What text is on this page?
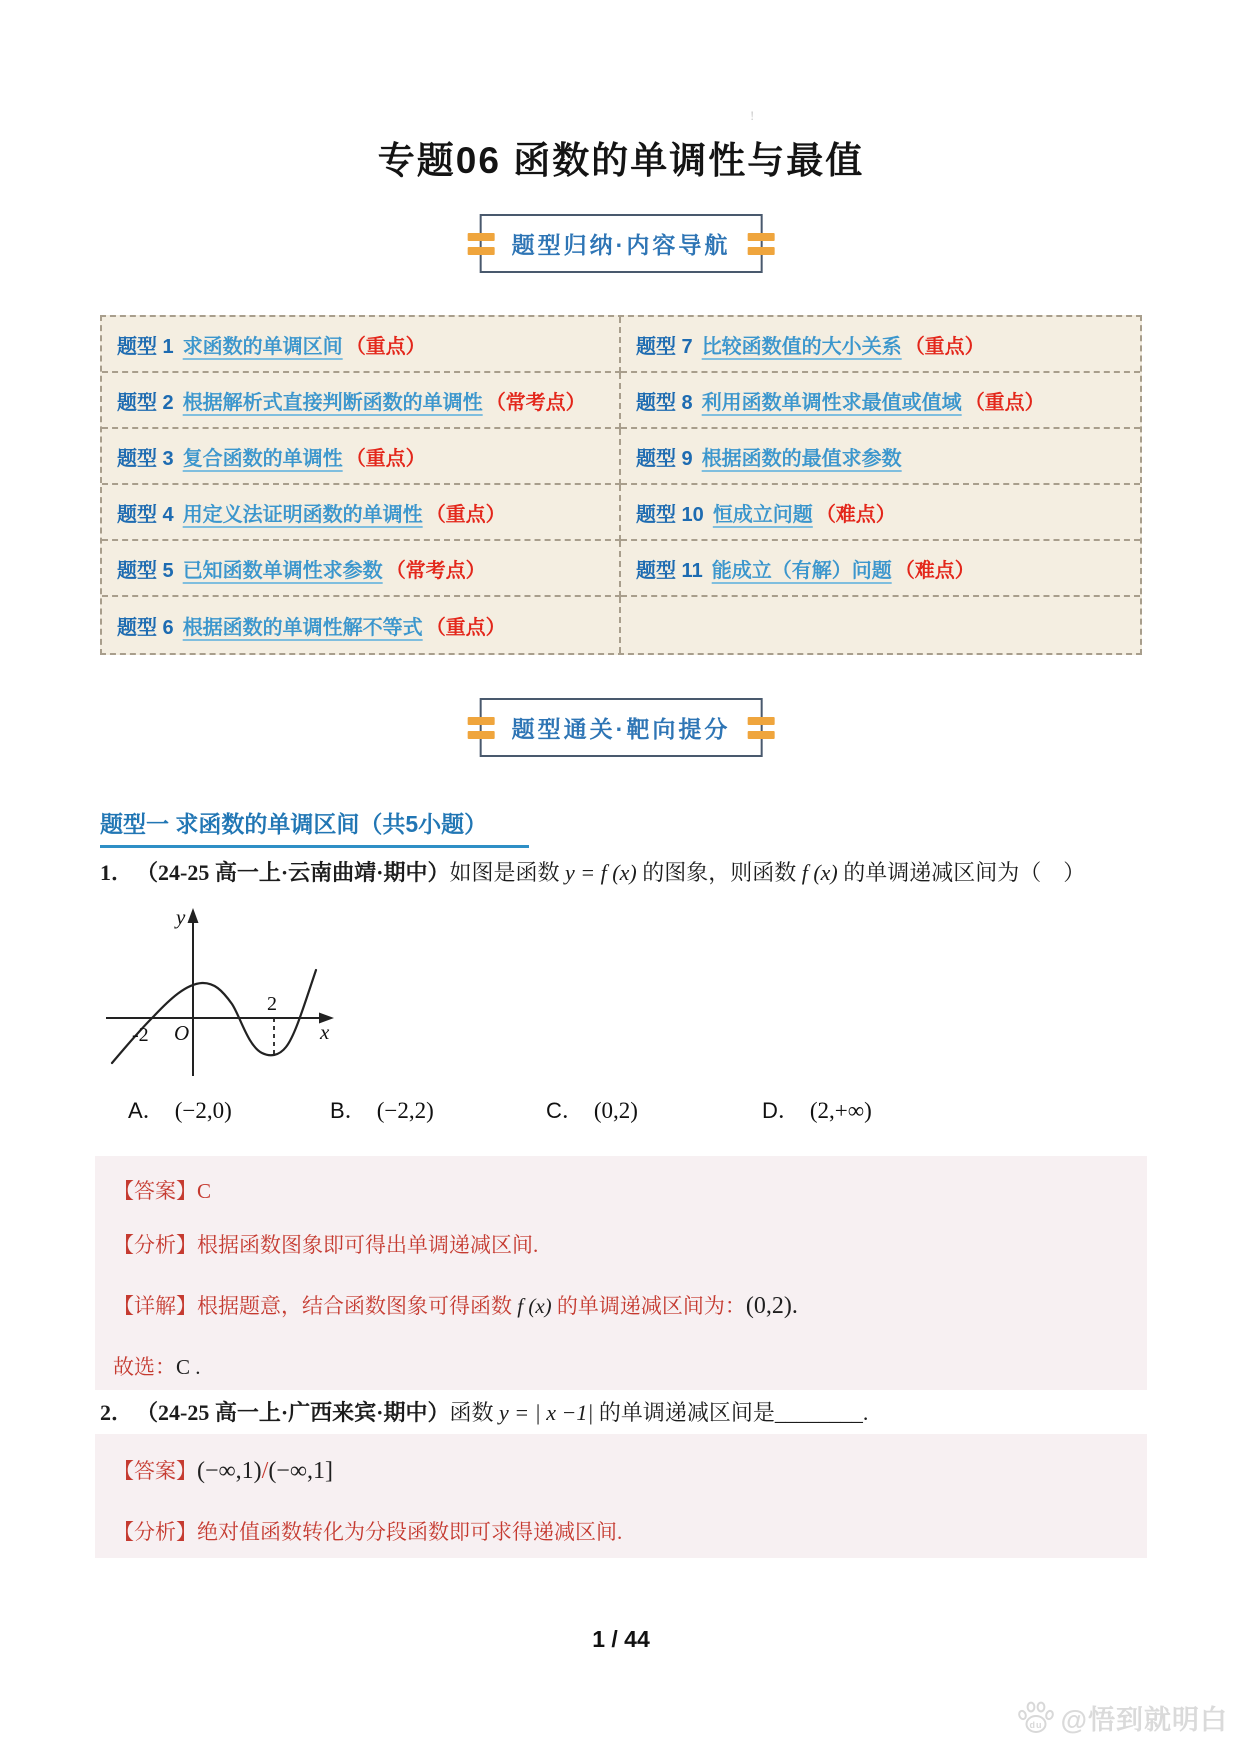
!
专题06 函数的单调性与最值
题型归纳·内容导航
题型 1 求函数的单调区间 （重点）	题型 7 比较函数值的大小关系 （重点）
题型 2 根据解析式直接判断函数的单调性 （常考点）	题型 8 利用函数单调性求最值或值域 （重点）
题型 3 复合函数的单调性 （重点）	题型 9 根据函数的最值求参数
题型 4 用定义法证明函数的单调性 （重点）	题型 10 恒成立问题 （难点）
题型 5 已知函数单调性求参数 （常考点）	题型 11 能成立（有解）问题 （难点）
题型 6 根据函数的单调性解不等式 （重点）
题型通关·靶向提分
题型一 求函数的单调区间（共5小题）
1． （24-25 高一上·云南曲靖·期中）如图是函数 y = f (x) 的图象，则函数 f (x) 的单调递减区间为（　）
y
x
O
-2
2
A． (−2,0)	B． (−2,2)	C． (0,2)	D． (2,+∞)

【答案】C

【分析】根据函数图象即可得出单调递减区间.

【详解】根据题意，结合函数图象可得函数 f (x) 的单调递减区间为：(0,2).

故选：C .

2． （24-25 高一上·广西来宾·期中）函数 y = | x −1| 的单调递减区间是________.

【答案】(−∞,1)/(−∞,1]

【分析】绝对值函数转化为分段函数即可求得递减区间.

1 / 44
du @悟到就明白
